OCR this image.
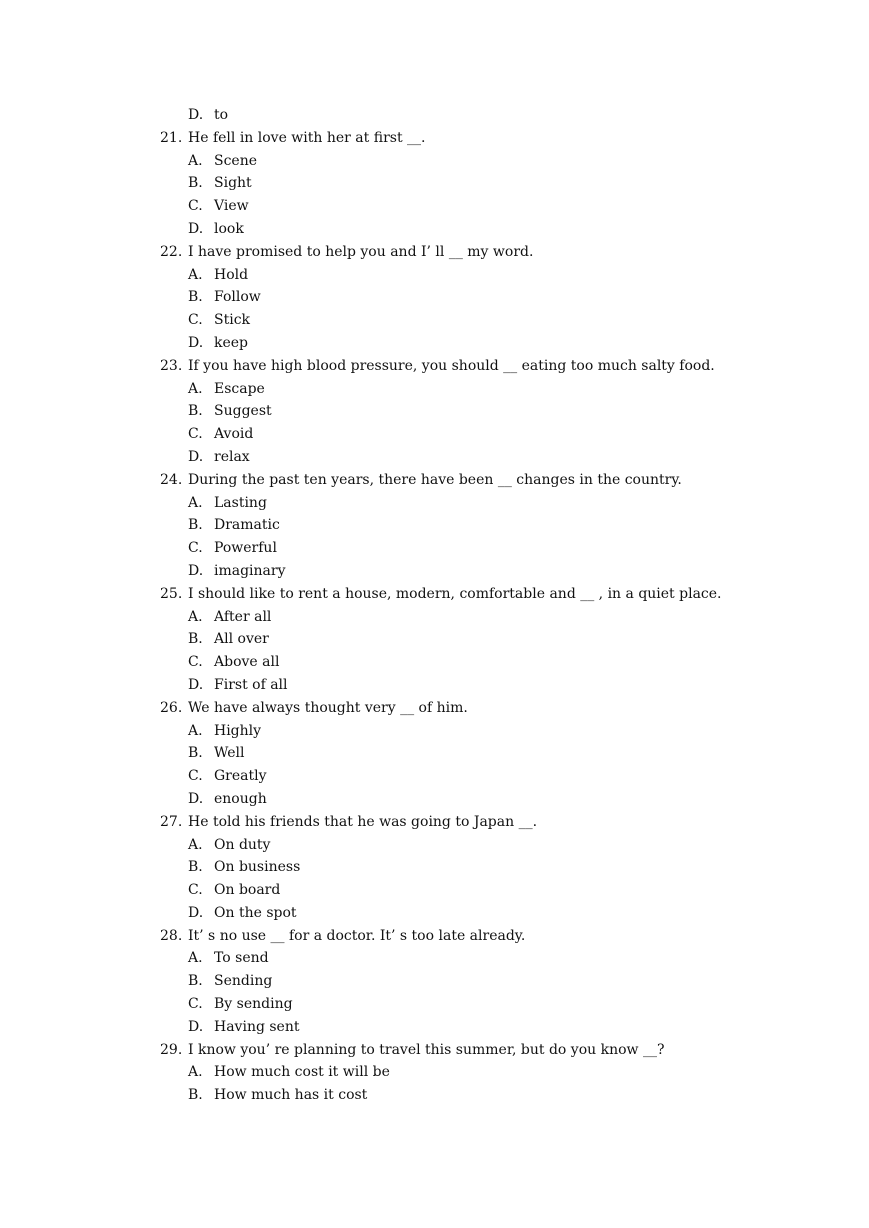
D. to
21. He fell in love with her at first __.
A. Scene
B. Sight
C. View
D. look
22. I have promised to help you and I’ ll __ my word.
A. Hold
B. Follow
C. Stick
D. keep
23. If you have high blood pressure, you should __ eating too much salty food.
A. Escape
B. Suggest
C. Avoid
D. relax
24. During the past ten years, there have been __ changes in the country.
A. Lasting
B. Dramatic
C. Powerful
D. imaginary
25. I should like to rent a house, modern, comfortable and __ , in a quiet place.
A. After all
B. All over
C. Above all
D. First of all
26. We have always thought very __ of him.
A. Highly
B. Well
C. Greatly
D. enough
27. He told his friends that he was going to Japan __.
A. On duty
B. On business
C. On board
D. On the spot
28. It’ s no use __ for a doctor. It’ s too late already.
A. To send
B. Sending
C. By sending
D. Having sent
29. I know you’ re planning to travel this summer, but do you know __?
A. How much cost it will be
B. How much has it cost
